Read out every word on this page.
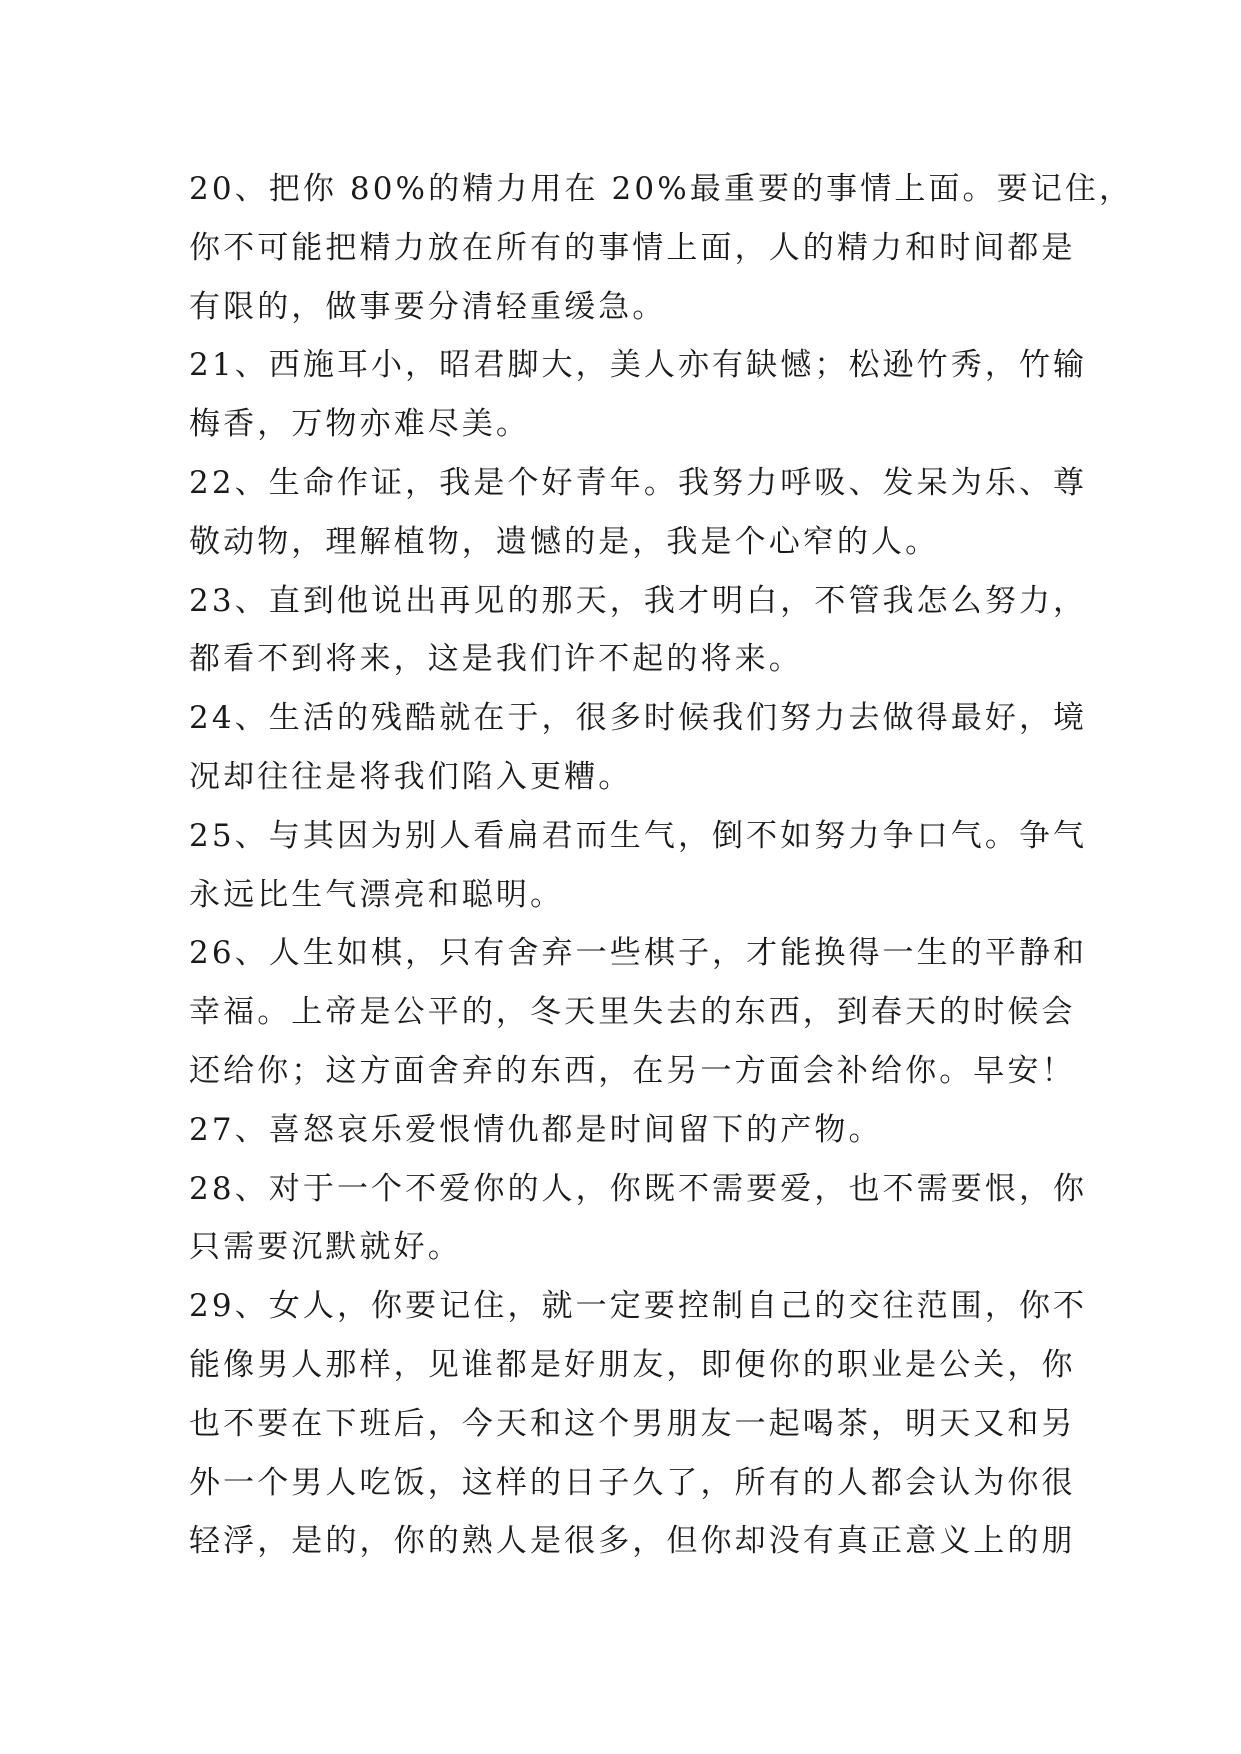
20、把你 80%的精力用在 20%最重要的事情上面。要记住，
你不可能把精力放在所有的事情上面，人的精力和时间都是
有限的，做事要分清轻重缓急。
21、西施耳小，昭君脚大，美人亦有缺憾；松逊竹秀，竹输
梅香，万物亦难尽美。
22、生命作证，我是个好青年。我努力呼吸、发呆为乐、尊
敬动物，理解植物，遗憾的是，我是个心窄的人。
23、直到他说出再见的那天，我才明白，不管我怎么努力，
都看不到将来，这是我们许不起的将来。
24、生活的残酷就在于，很多时候我们努力去做得最好，境
况却往往是将我们陷入更糟。
25、与其因为别人看扁君而生气，倒不如努力争口气。争气
永远比生气漂亮和聪明。
26、人生如棋，只有舍弃一些棋子，才能换得一生的平静和
幸福。上帝是公平的，冬天里失去的东西，到春天的时候会
还给你；这方面舍弃的东西，在另一方面会补给你。早安！
27、喜怒哀乐爱恨情仇都是时间留下的产物。
28、对于一个不爱你的人，你既不需要爱，也不需要恨，你
只需要沉默就好。
29、女人，你要记住，就一定要控制自己的交往范围，你不
能像男人那样，见谁都是好朋友，即便你的职业是公关，你
也不要在下班后，今天和这个男朋友一起喝茶，明天又和另
外一个男人吃饭，这样的日子久了，所有的人都会认为你很
轻浮，是的，你的熟人是很多，但你却没有真正意义上的朋
